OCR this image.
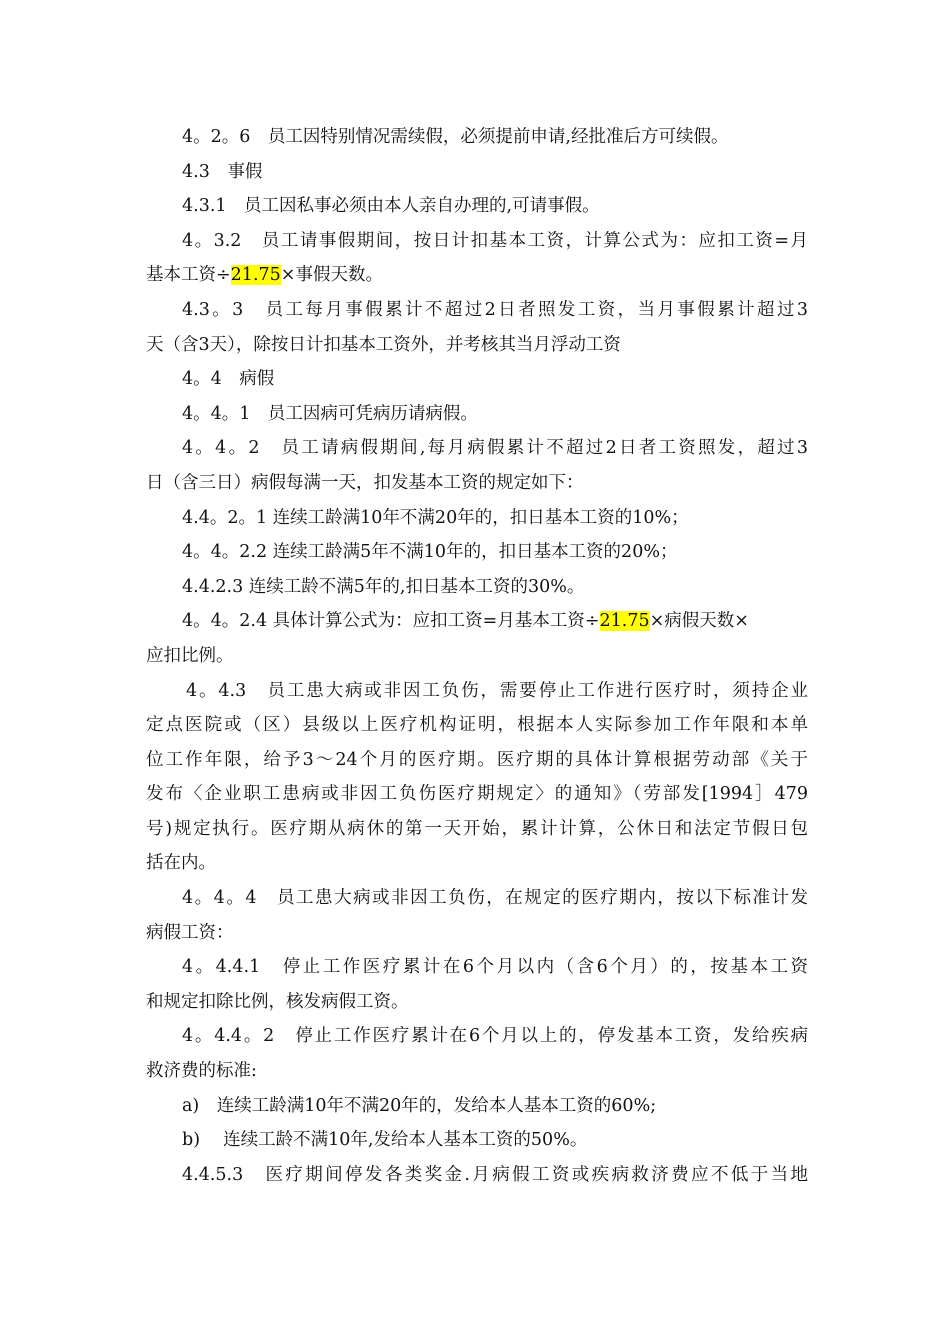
4。2。6　员工因特别情况需续假，必须提前申请,经批准后方可续假。
4.3　事假
4.3.1　员工因私事必须由本人亲自办理的,可请事假。
4。3.2　员工请事假期间，按日计扣基本工资，计算公式为：应扣工资=月
基本工资÷21.75×事假天数。
4.3。3　员工每月事假累计不超过2日者照发工资，当月事假累计超过3
天（含3天），除按日计扣基本工资外，并考核其当月浮动工资
4。4　病假
4。4。1　员工因病可凭病历请病假。
4。4。2　员工请病假期间,每月病假累计不超过2日者工资照发，超过3
日（含三日）病假每满一天，扣发基本工资的规定如下：
4.4。2。1 连续工龄满10年不满20年的，扣日基本工资的10%；
4。4。2.2 连续工龄满5年不满10年的，扣日基本工资的20%；
4.4.2.3 连续工龄不满5年的,扣日基本工资的30%。
4。4。2.4 具体计算公式为：应扣工资=月基本工资÷21.75×病假天数×
应扣比例。
4。4.3　员工患大病或非因工负伤，需要停止工作进行医疗时，须持企业
定点医院或（区）县级以上医疗机构证明，根据本人实际参加工作年限和本单
位工作年限，给予3～24个月的医疗期。医疗期的具体计算根据劳动部《关于
发布〈企业职工患病或非因工负伤医疗期规定〉的通知》（劳部发[1994］479
号)规定执行。医疗期从病休的第一天开始，累计计算，公休日和法定节假日包
括在内。
4。4。4　员工患大病或非因工负伤，在规定的医疗期内，按以下标准计发
病假工资：
4。4.4.1　停止工作医疗累计在6个月以内（含6个月）的，按基本工资
和规定扣除比例，核发病假工资。
4。4.4。2　停止工作医疗累计在6个月以上的，停发基本工资，发给疾病
救济费的标准:
a)　连续工龄满10年不满20年的，发给本人基本工资的60%;
b)　 连续工龄不满10年,发给本人基本工资的50%。
4.4.5.3　医疗期间停发各类奖金.月病假工资或疾病救济费应不低于当地
